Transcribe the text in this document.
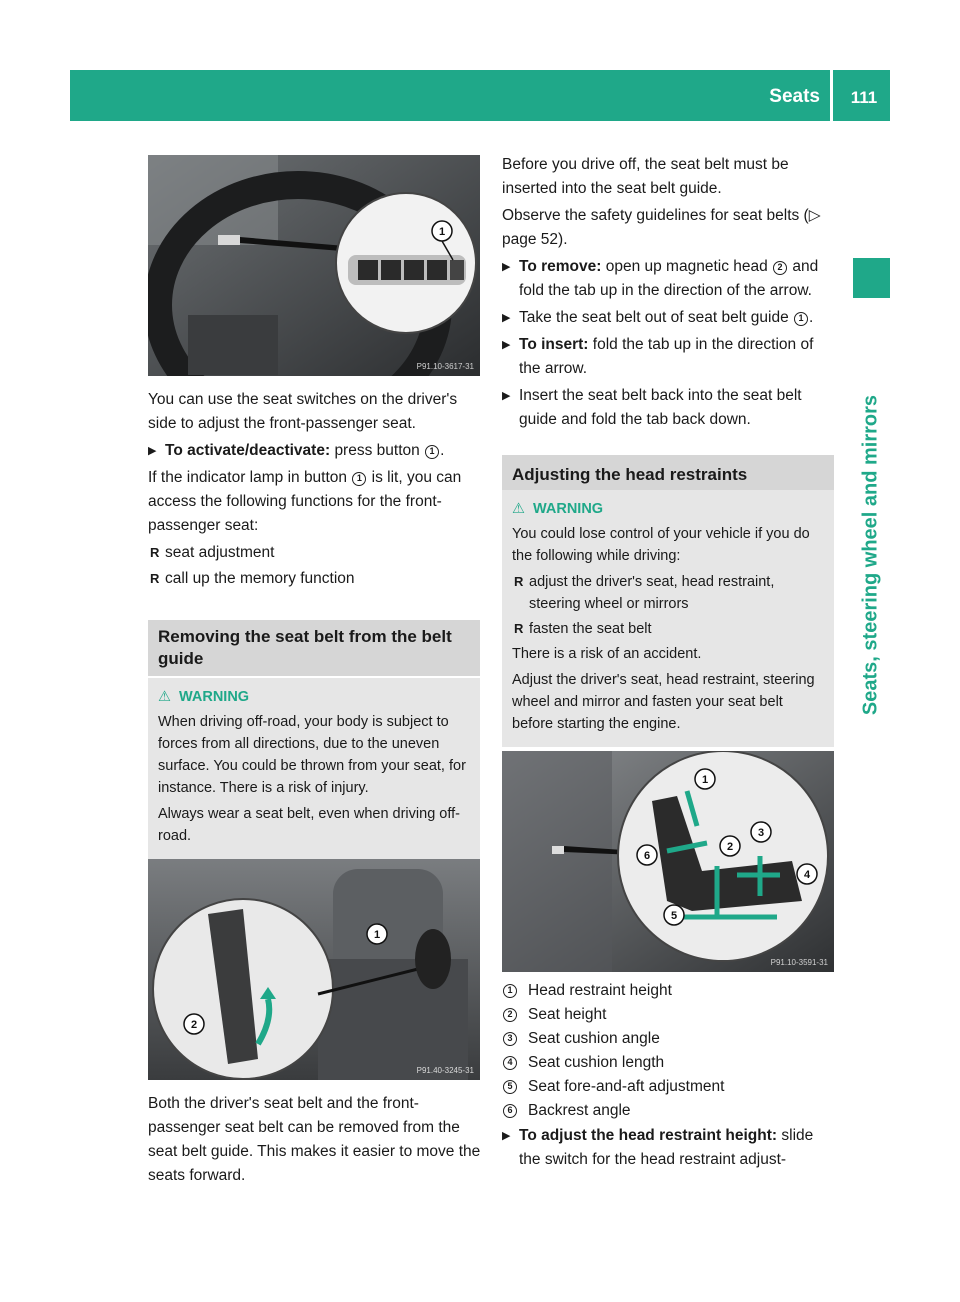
Seats	111
Seats, steering wheel and mirrors
1
P91.10-3617-31

You can use the seat switches on the driver's side to adjust the front-passenger seat.

▶ To activate/deactivate: press button 1 .

If the indicator lamp in button 1 is lit, you can access the following functions for the front-passenger seat:

R seat adjustment
R call up the memory function
Removing the seat belt from the belt guide
⚠ WARNING

When driving off-road, your body is subject to forces from all directions, due to the uneven surface. You could be thrown from your seat, for instance. There is a risk of injury.

Always wear a seat belt, even when driving off-road.

1
2
P91.40-3245-31

Both the driver's seat belt and the front-passenger seat belt can be removed from the seat belt guide. This makes it easier to move the seats forward.

Before you drive off, the seat belt must be inserted into the seat belt guide.

Observe the safety guidelines for seat belts (▷ page 52).

▶ To remove: open up magnetic head 2 and fold the tab up in the direction of the arrow.
▶ Take the seat belt out of seat belt guide 1 .
▶ To insert: fold the tab up in the direction of the arrow.
▶ Insert the seat belt back into the seat belt guide and fold the tab back down.
Adjusting the head restraints
⚠ WARNING

You could lose control of your vehicle if you do the following while driving:

R adjust the driver's seat, head restraint, steering wheel or mirrors
R fasten the seat belt

There is a risk of an accident.

Adjust the driver's seat, head restraint, steering wheel and mirror and fasten your seat belt before starting the engine.

1
2
3
4
5
6
P91.10-3591-31
1 Head restraint height
2 Seat height
3 Seat cushion angle
4 Seat cushion length
5 Seat fore-and-aft adjustment
6 Backrest angle
▶ To adjust the head restraint height: slide the switch for the head restraint adjust-
